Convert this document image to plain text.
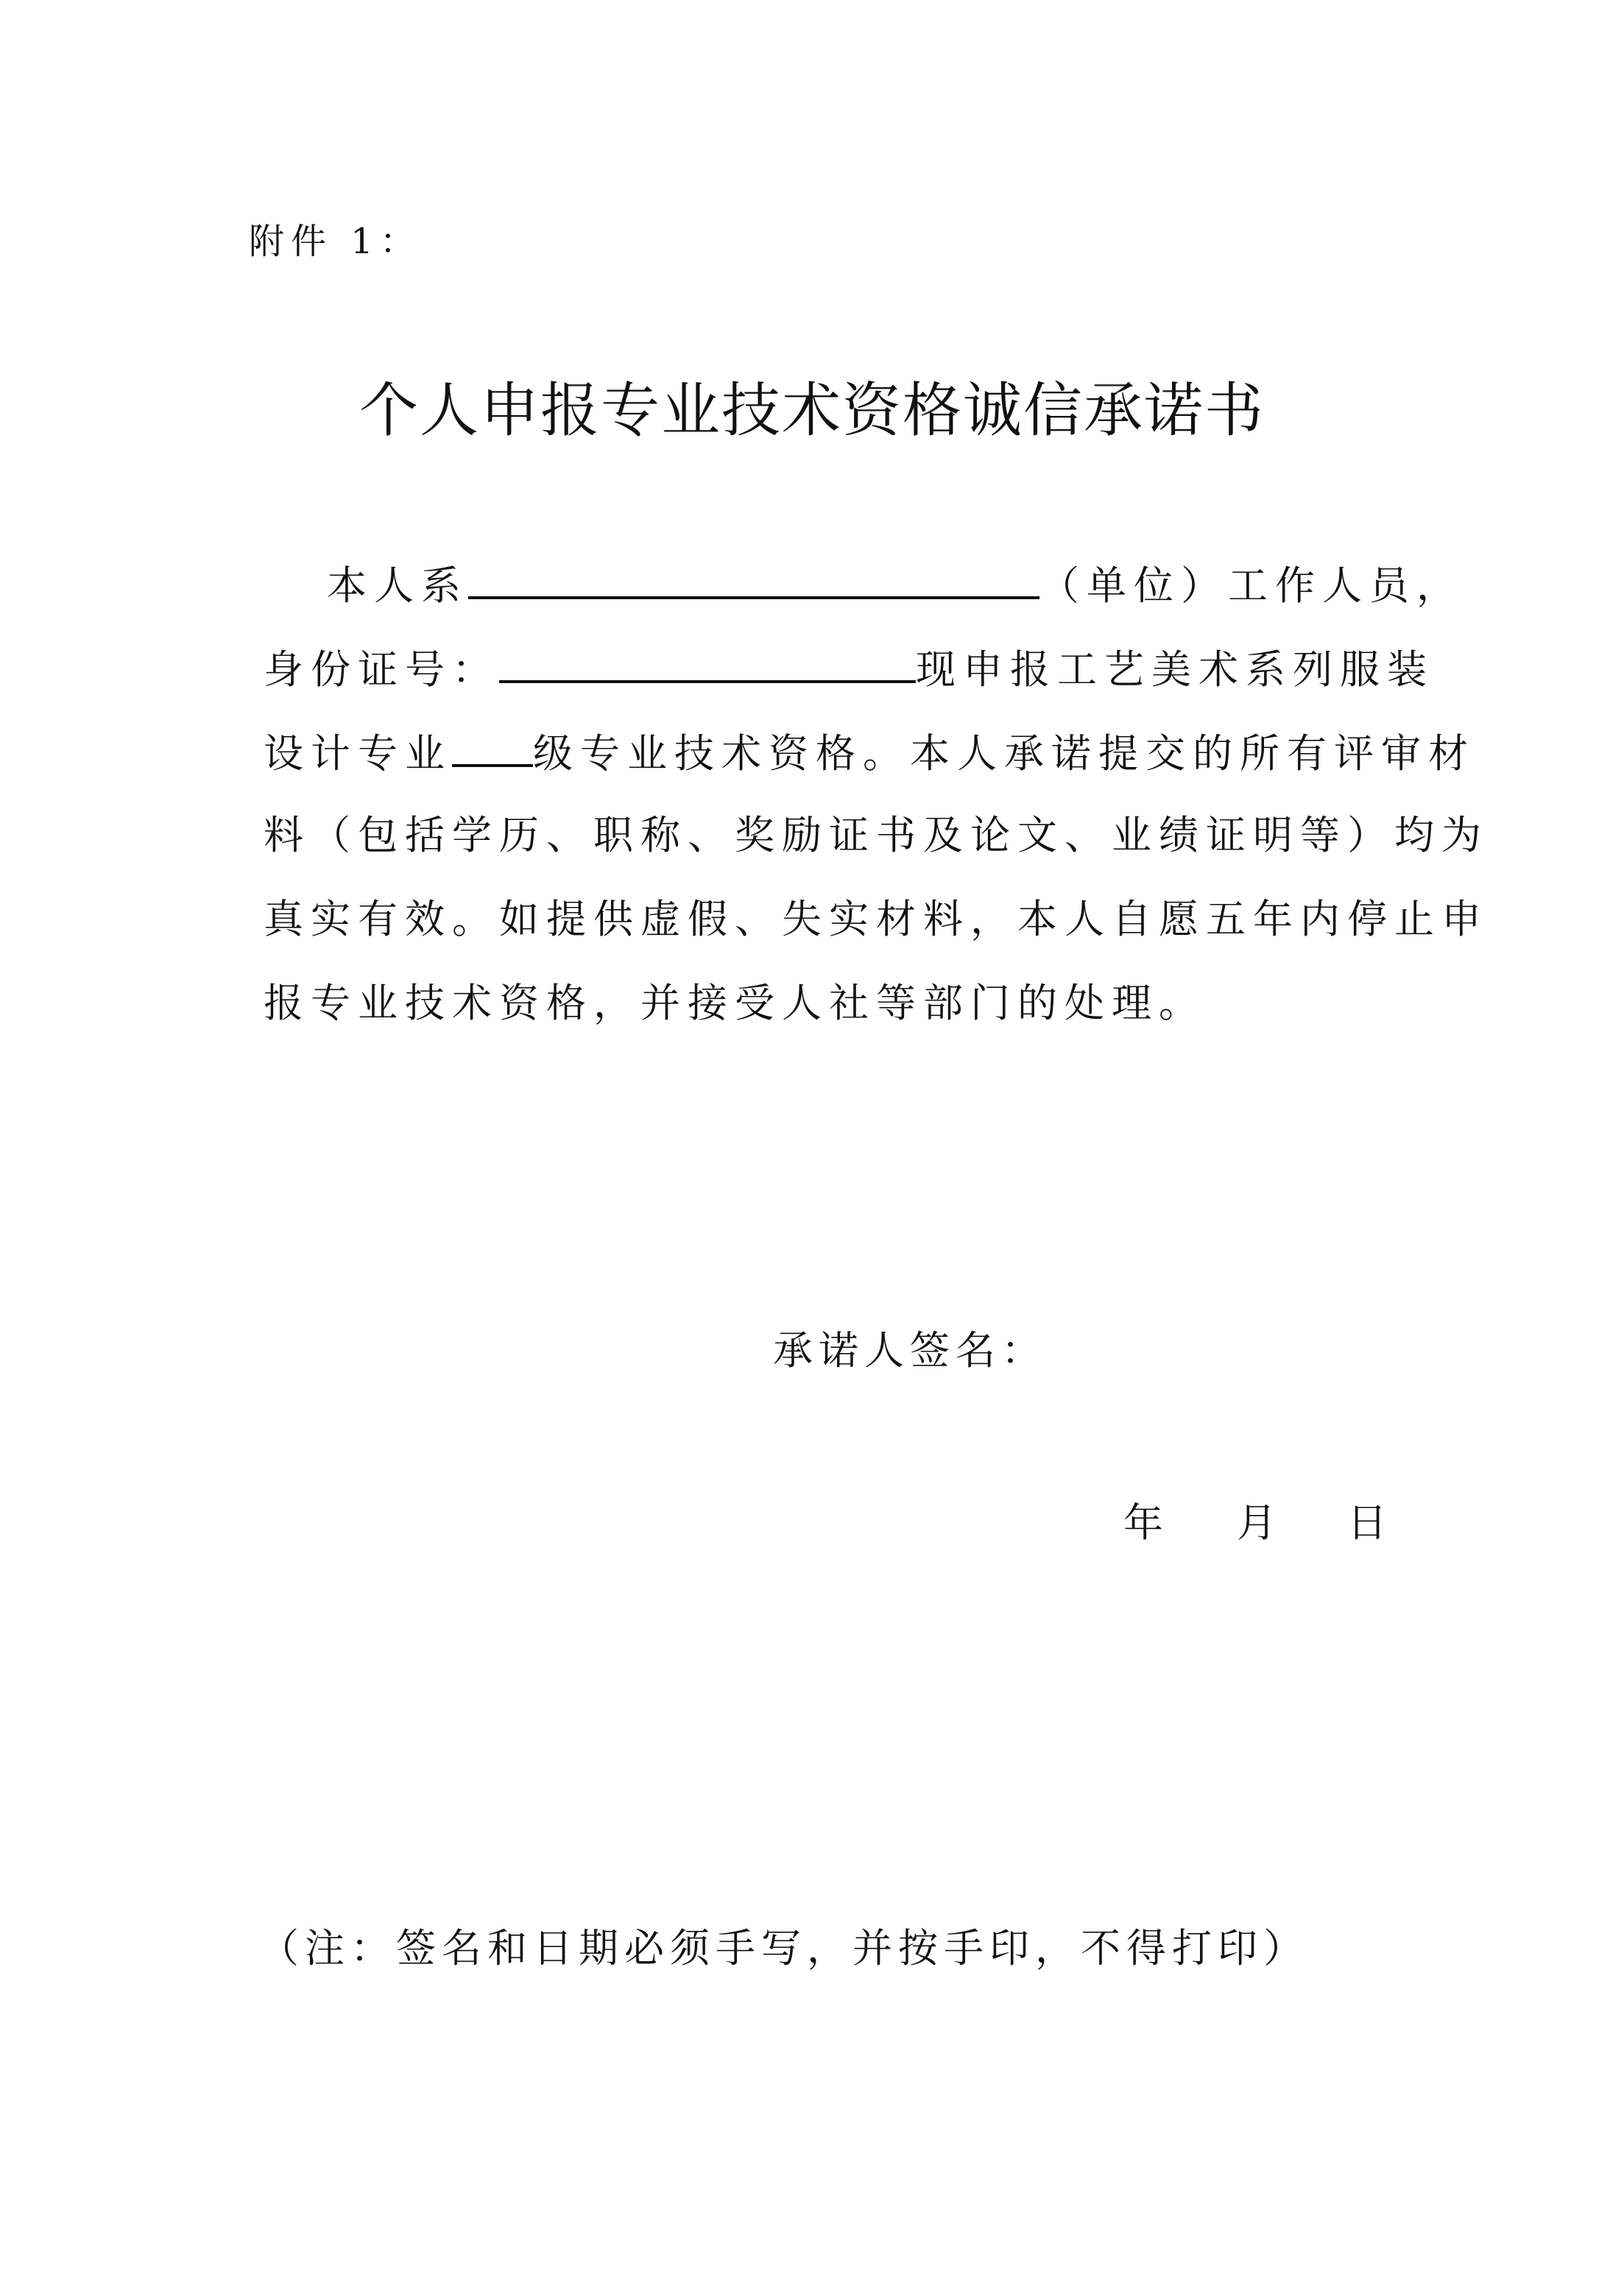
附件 1：
个人申报专业技术资格诚信承诺书
本人系	（单位）工作人员，
身份证号：	现申报工艺美术系列服装
设计专业 级专业技术资格。本人承诺提交的所有评审材
料（包括学历、职称、奖励证书及论文、业绩证明等）均为
真实有效。如提供虚假、失实材料，本人自愿五年内停止申
报专业技术资格，并接受人社等部门的处理。
承诺人签名：
年 月 日
（注：签名和日期必须手写，并按手印，不得打印）
